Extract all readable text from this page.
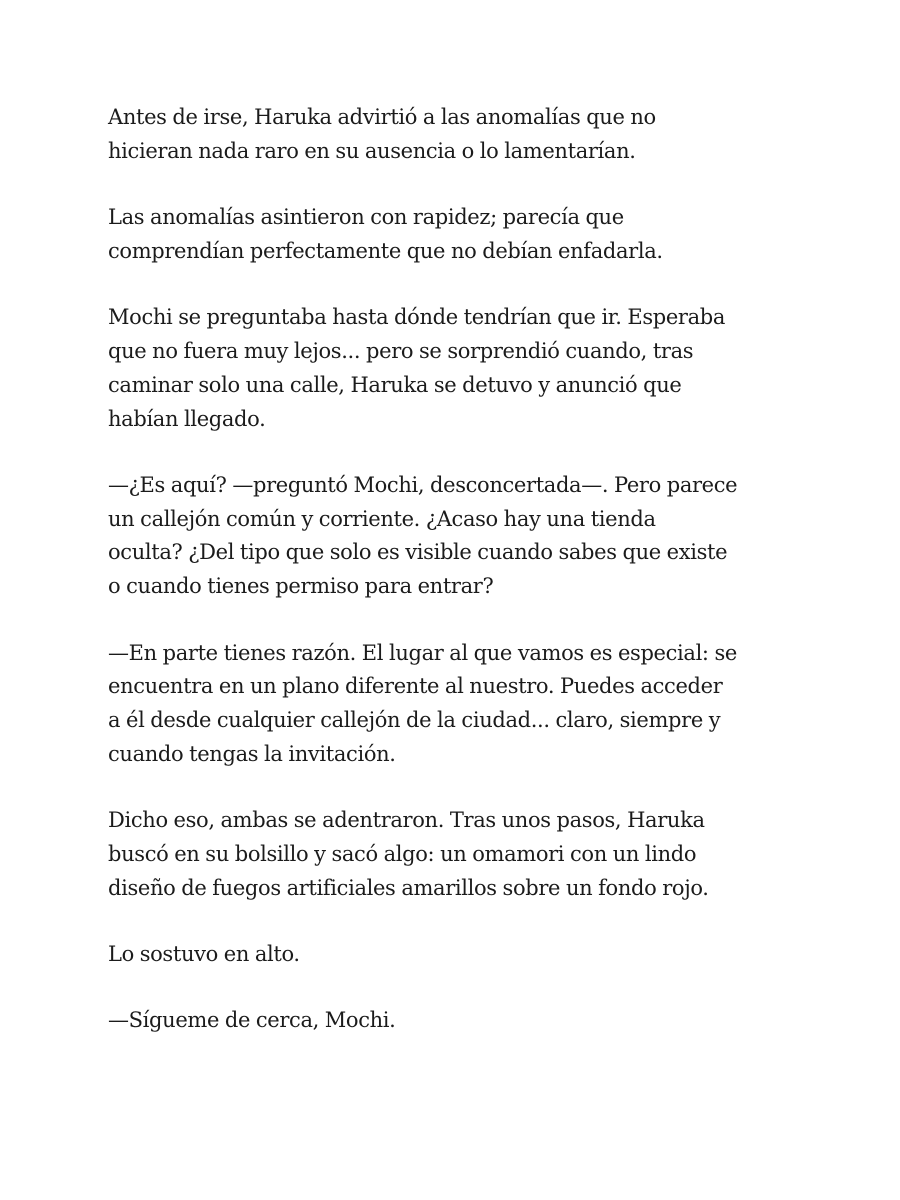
Antes de irse, Haruka advirtió a las anomalías que no
hicieran nada raro en su ausencia o lo lamentarían.

Las anomalías asintieron con rapidez; parecía que
comprendían perfectamente que no debían enfadarla.

Mochi se preguntaba hasta dónde tendrían que ir. Esperaba
que no fuera muy lejos... pero se sorprendió cuando, tras
caminar solo una calle, Haruka se detuvo y anunció que
habían llegado.

—¿Es aquí? —preguntó Mochi, desconcertada—. Pero parece
un callejón común y corriente. ¿Acaso hay una tienda
oculta? ¿Del tipo que solo es visible cuando sabes que existe
o cuando tienes permiso para entrar?

—En parte tienes razón. El lugar al que vamos es especial: se
encuentra en un plano diferente al nuestro. Puedes acceder
a él desde cualquier callejón de la ciudad... claro, siempre y
cuando tengas la invitación.

Dicho eso, ambas se adentraron. Tras unos pasos, Haruka
buscó en su bolsillo y sacó algo: un omamori con un lindo
diseño de fuegos artificiales amarillos sobre un fondo rojo.

Lo sostuvo en alto.

—Sígueme de cerca, Mochi.
